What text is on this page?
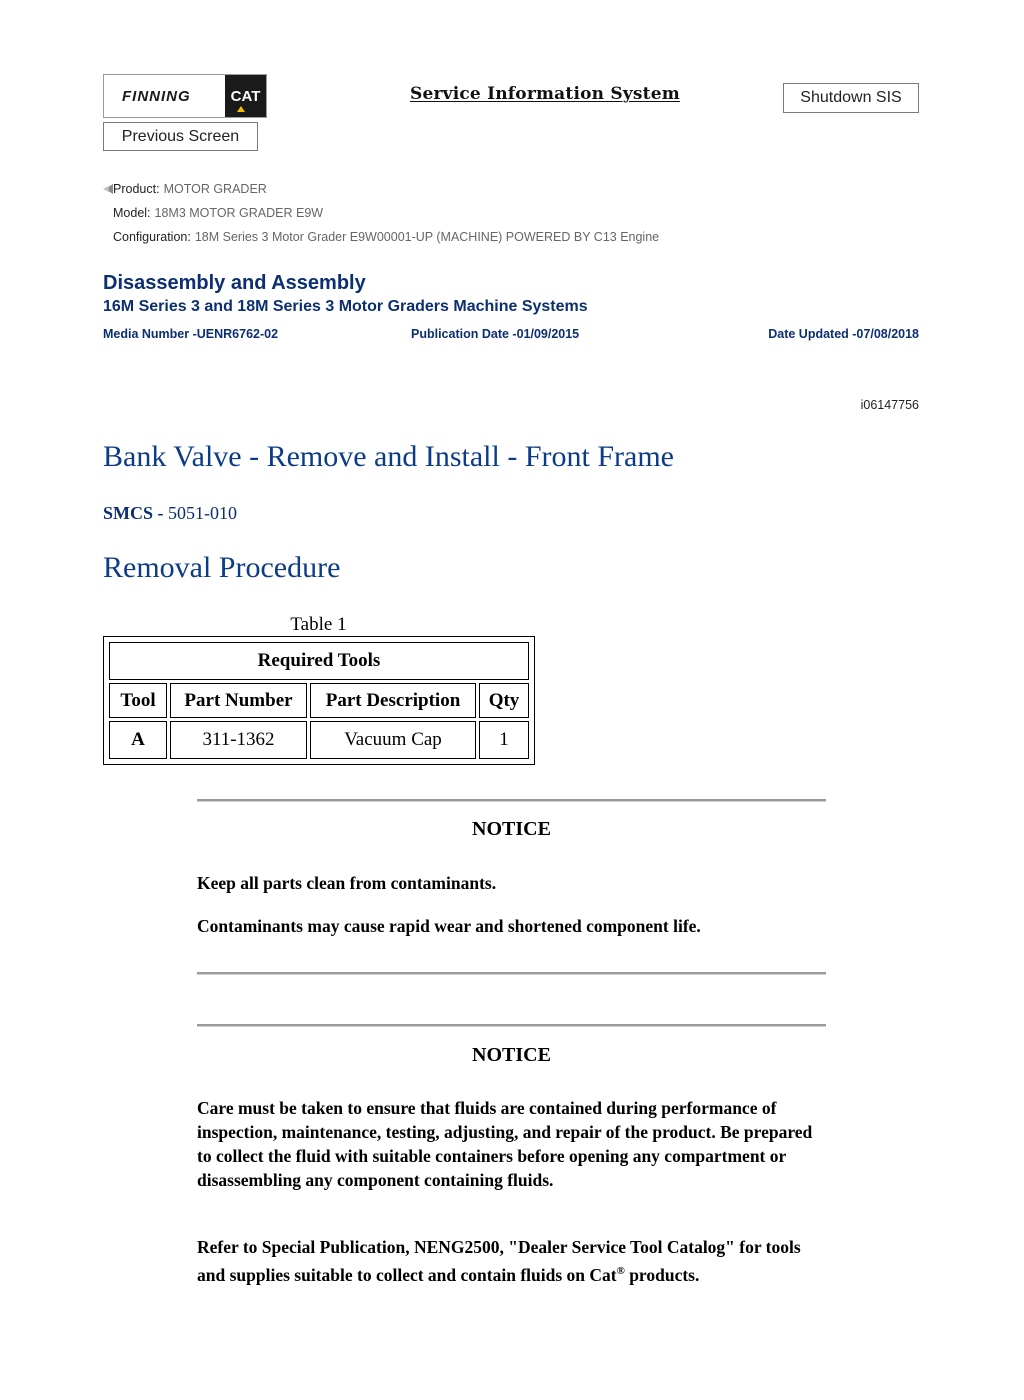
FINNING	CAT	Service Information System	Shutdown SIS
Previous Screen
Product: MOTOR GRADER
Model: 18M3 MOTOR GRADER E9W
Configuration: 18M Series 3 Motor Grader E9W00001-UP (MACHINE) POWERED BY C13 Engine
Disassembly and Assembly
16M Series 3 and 18M Series 3 Motor Graders Machine Systems
Media Number -UENR6762-02	Publication Date -01/09/2015	Date Updated -07/08/2018
i06147756
Bank Valve - Remove and Install - Front Frame
SMCS - 5051-010
Removal Procedure
Table 1
Required Tools			
Tool	Part Number	Part Description	Qty
A	311-1362	Vacuum Cap	1
NOTICE
Keep all parts clean from contaminants.
Contaminants may cause rapid wear and shortened component life.
NOTICE
Care must be taken to ensure that fluids are contained during performance of inspection, maintenance, testing, adjusting, and repair of the product. Be prepared to collect the fluid with suitable containers before opening any compartment or disassembling any component containing fluids.
Refer to Special Publication, NENG2500, "Dealer Service Tool Catalog" for tools and supplies suitable to collect and contain fluids on Cat® products.
